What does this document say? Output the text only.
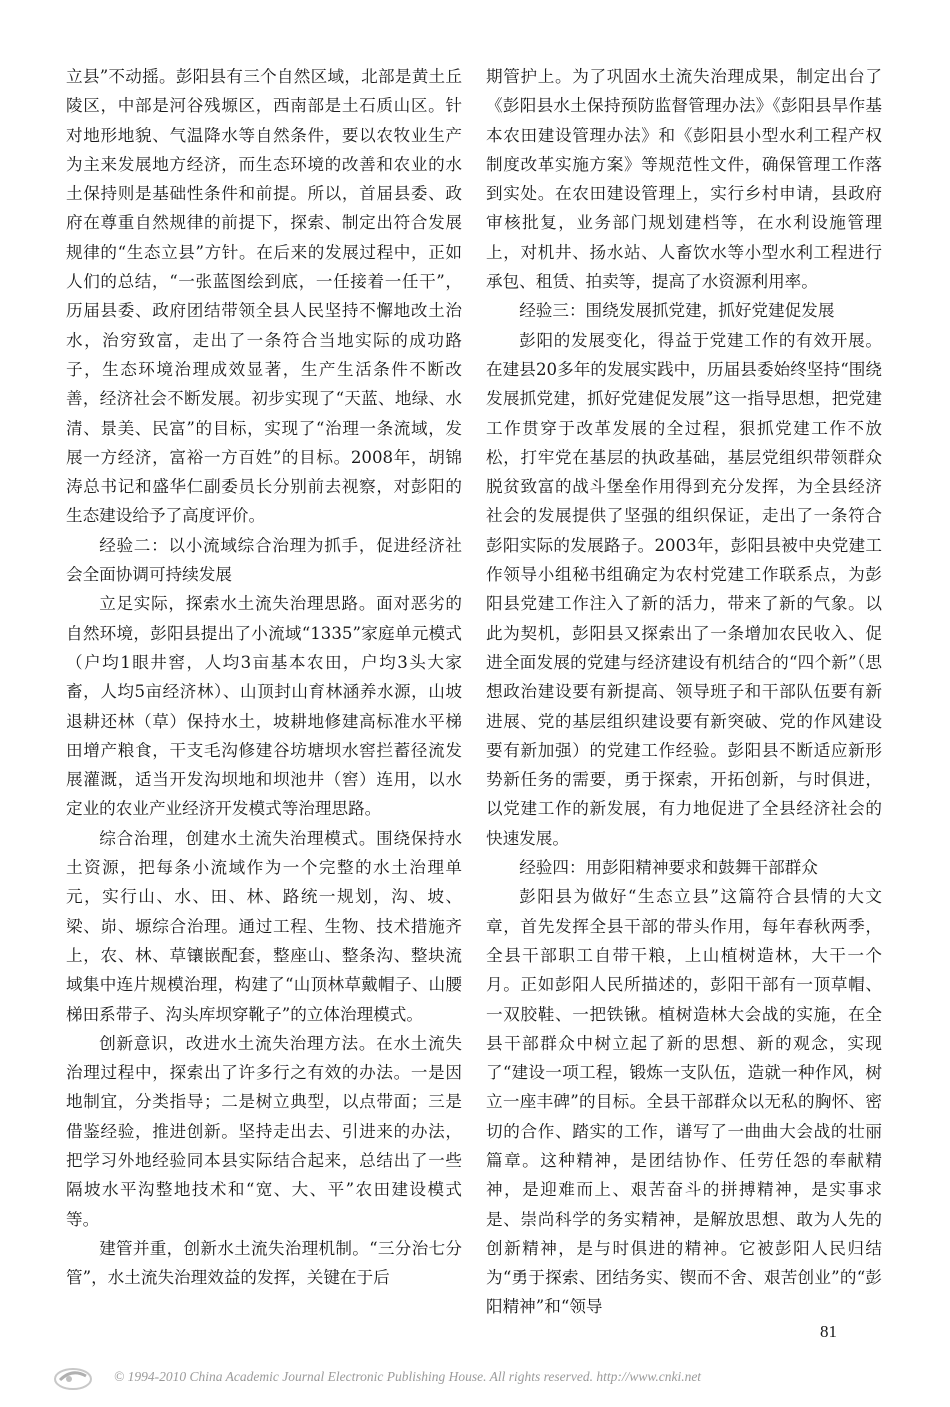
立县”不动摇。彭阳县有三个自然区域，北部是黄土丘陵区，中部是河谷残塬区，西南部是土石质山区。针对地形地貌、气温降水等自然条件，要以农牧业生产为主来发展地方经济，而生态环境的改善和农业的水土保持则是基础性条件和前提。所以，首届县委、政府在尊重自然规律的前提下，探索、制定出符合发展规律的“生态立县”方针。在后来的发展过程中，正如人们的总结，“一张蓝图绘到底，一任接着一任干”，历届县委、政府团结带领全县人民坚持不懈地改土治水，治穷致富，走出了一条符合当地实际的成功路子，生态环境治理成效显著，生产生活条件不断改善，经济社会不断发展。初步实现了“天蓝、地绿、水清、景美、民富”的目标，实现了“治理一条流域，发展一方经济，富裕一方百姓”的目标。2008年，胡锦涛总书记和盛华仁副委员长分别前去视察，对彭阳的生态建设给予了高度评价。

经验二：以小流域综合治理为抓手，促进经济社会全面协调可持续发展

立足实际，探索水土流失治理思路。面对恶劣的自然环境，彭阳县提出了小流域“1335”家庭单元模式（户均1眼井窖，人均3亩基本农田，户均3头大家畜，人均5亩经济林）、山顶封山育林涵养水源，山坡退耕还林（草）保持水土，坡耕地修建高标准水平梯田增产粮食，干支毛沟修建谷坊塘坝水窖拦蓄径流发展灌溉，适当开发沟坝地和坝池井（窖）连用，以水定业的农业产业经济开发模式等治理思路。

综合治理，创建水土流失治理模式。围绕保持水土资源，把每条小流域作为一个完整的水土治理单元，实行山、水、田、林、路统一规划，沟、坡、梁、峁、塬综合治理。通过工程、生物、技术措施齐上，农、林、草镶嵌配套，整座山、整条沟、整块流域集中连片规模治理，构建了“山顶林草戴帽子、山腰梯田系带子、沟头库坝穿靴子”的立体治理模式。

创新意识，改进水土流失治理方法。在水土流失治理过程中，探索出了许多行之有效的办法。一是因地制宜，分类指导；二是树立典型，以点带面；三是借鉴经验，推进创新。坚持走出去、引进来的办法，把学习外地经验同本县实际结合起来，总结出了一些隔坡水平沟整地技术和“宽、大、平”农田建设模式等。

建管并重，创新水土流失治理机制。“三分治七分管”，水土流失治理效益的发挥，关键在于后

期管护上。为了巩固水土流失治理成果，制定出台了《彭阳县水土保持预防监督管理办法》《彭阳县旱作基本农田建设管理办法》和《彭阳县小型水利工程产权制度改革实施方案》等规范性文件，确保管理工作落到实处。在农田建设管理上，实行乡村申请，县政府审核批复，业务部门规划建档等，在水利设施管理上，对机井、扬水站、人畜饮水等小型水利工程进行承包、租赁、拍卖等，提高了水资源利用率。

经验三：围绕发展抓党建，抓好党建促发展

彭阳的发展变化，得益于党建工作的有效开展。在建县20多年的发展实践中，历届县委始终坚持“围绕发展抓党建，抓好党建促发展”这一指导思想，把党建工作贯穿于改革发展的全过程，狠抓党建工作不放松，打牢党在基层的执政基础，基层党组织带领群众脱贫致富的战斗堡垒作用得到充分发挥，为全县经济社会的发展提供了坚强的组织保证，走出了一条符合彭阳实际的发展路子。2003年，彭阳县被中央党建工作领导小组秘书组确定为农村党建工作联系点，为彭阳县党建工作注入了新的活力，带来了新的气象。以此为契机，彭阳县又探索出了一条增加农民收入、促进全面发展的党建与经济建设有机结合的“四个新”（思想政治建设要有新提高、领导班子和干部队伍要有新进展、党的基层组织建设要有新突破、党的作风建设要有新加强）的党建工作经验。彭阳县不断适应新形势新任务的需要，勇于探索，开拓创新，与时俱进，以党建工作的新发展，有力地促进了全县经济社会的快速发展。

经验四：用彭阳精神要求和鼓舞干部群众

彭阳县为做好“生态立县”这篇符合县情的大文章，首先发挥全县干部的带头作用，每年春秋两季，全县干部职工自带干粮，上山植树造林，大干一个月。正如彭阳人民所描述的，彭阳干部有一顶草帽、一双胶鞋、一把铁锹。植树造林大会战的实施，在全县干部群众中树立起了新的思想、新的观念，实现了“建设一项工程，锻炼一支队伍，造就一种作风，树立一座丰碑”的目标。全县干部群众以无私的胸怀、密切的合作、踏实的工作，谱写了一曲曲大会战的壮丽篇章。这种精神，是团结协作、任劳任怨的奉献精神，是迎难而上、艰苦奋斗的拼搏精神，是实事求是、崇尚科学的务实精神，是解放思想、敢为人先的创新精神，是与时俱进的精神。它被彭阳人民归结为“勇于探索、团结务实、锲而不舍、艰苦创业”的“彭阳精神”和“领导

81
© 1994-2010 China Academic Journal Electronic Publishing House. All rights reserved. http://www.cnki.net
